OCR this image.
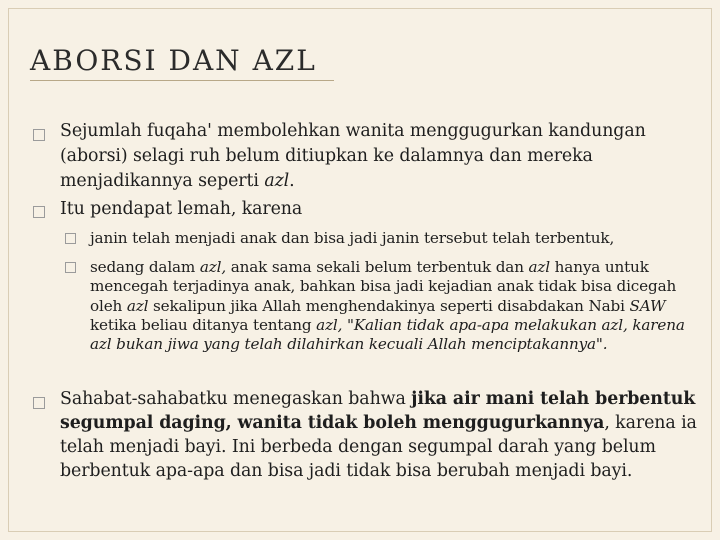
ABORSI DAN AZL

Sejumlah fuqaha' membolehkan wanita menggugurkan kandungan (aborsi) selagi ruh belum ditiupkan ke dalamnya dan mereka menjadikannya seperti azl.

Itu pendapat lemah, karena

janin telah menjadi anak dan bisa jadi janin tersebut telah terbentuk,

sedang dalam azl, anak sama sekali belum terbentuk dan azl hanya untuk mencegah terjadinya anak, bahkan bisa jadi kejadian anak tidak bisa dicegah oleh azl sekalipun jika Allah menghendakinya seperti disabdakan Nabi SAW ketika beliau ditanya tentang azl, "Kalian tidak apa-apa melakukan azl, karena azl bukan jiwa yang telah dilahirkan kecuali Allah menciptakannya".

Sahabat-sahabatku menegaskan bahwa jika air mani telah berbentuk segumpal daging, wanita tidak boleh menggugurkannya, karena ia telah menjadi bayi. Ini berbeda dengan segumpal darah yang belum berbentuk apa-apa dan bisa jadi tidak bisa berubah menjadi bayi.
